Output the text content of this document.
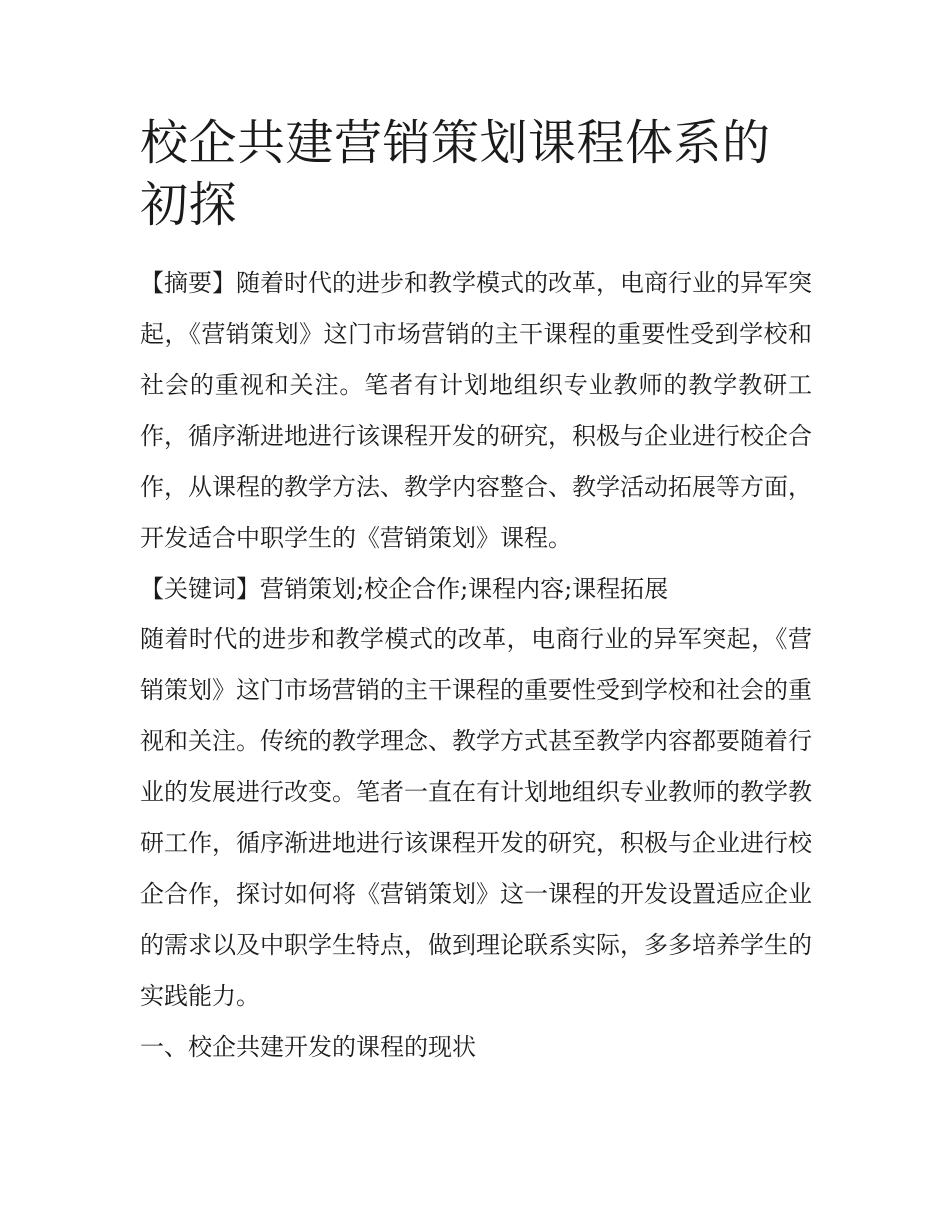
校企共建营销策划课程体系的初探

【摘要】随着时代的进步和教学模式的改革，电商行业的异军突起，《营销策划》这门市场营销的主干课程的重要性受到学校和社会的重视和关注。笔者有计划地组织专业教师的教学教研工作，循序渐进地进行该课程开发的研究，积极与企业进行校企合作，从课程的教学方法、教学内容整合、教学活动拓展等方面，开发适合中职学生的《营销策划》课程。

【关键词】营销策划;校企合作;课程内容;课程拓展

随着时代的进步和教学模式的改革，电商行业的异军突起，《营销策划》这门市场营销的主干课程的重要性受到学校和社会的重视和关注。传统的教学理念、教学方式甚至教学内容都要随着行业的发展进行改变。笔者一直在有计划地组织专业教师的教学教研工作，循序渐进地进行该课程开发的研究，积极与企业进行校企合作，探讨如何将《营销策划》这一课程的开发设置适应企业的需求以及中职学生特点，做到理论联系实际，多多培养学生的实践能力。

一、校企共建开发的课程的现状
